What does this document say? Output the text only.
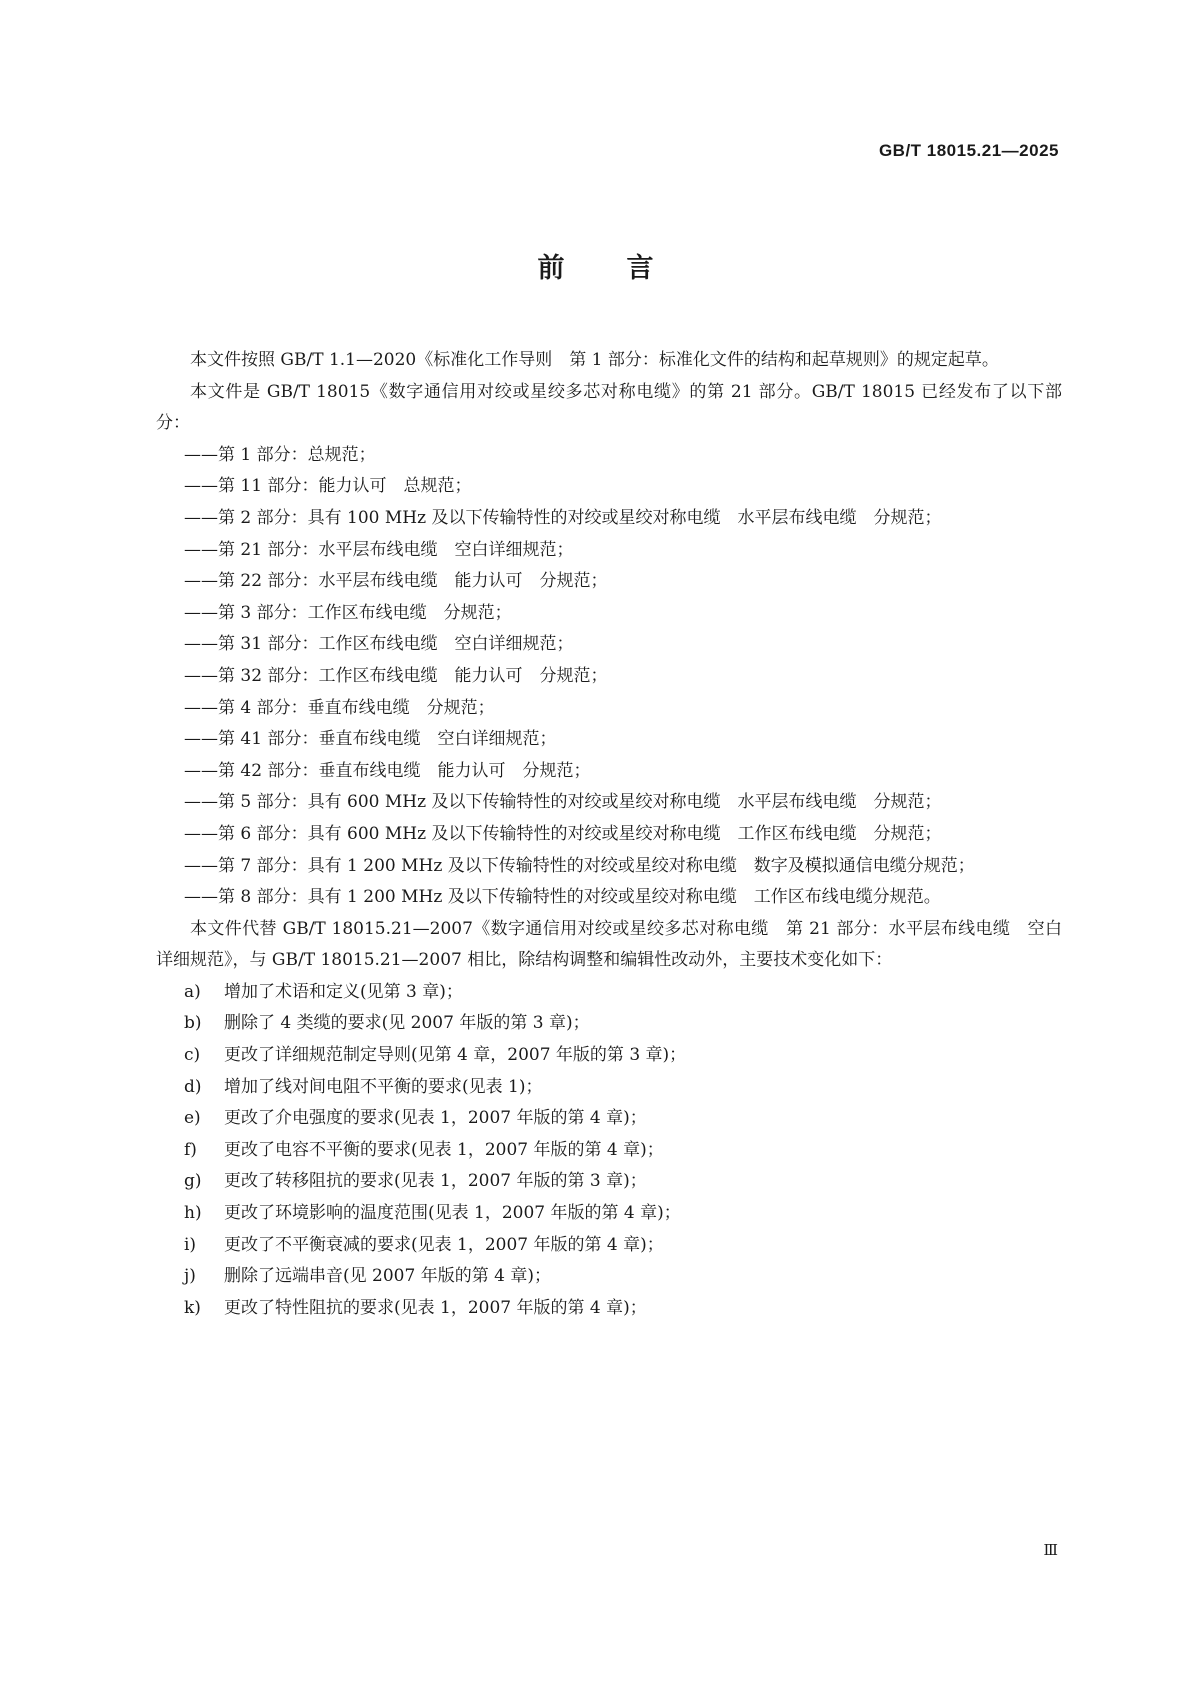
GB/T 18015.21—2025
前言

本文件按照 GB/T 1.1—2020《标准化工作导则　第 1 部分：标准化文件的结构和起草规则》的规定起草。

本文件是 GB/T 18015《数字通信用对绞或星绞多芯对称电缆》的第 21 部分。GB/T 18015 已经发布了以下部分：

——第 1 部分：总规范；

——第 11 部分：能力认可　总规范；

——第 2 部分：具有 100 MHz 及以下传输特性的对绞或星绞对称电缆　水平层布线电缆　分规范；

——第 21 部分：水平层布线电缆　空白详细规范；

——第 22 部分：水平层布线电缆　能力认可　分规范；

——第 3 部分：工作区布线电缆　分规范；

——第 31 部分：工作区布线电缆　空白详细规范；

——第 32 部分：工作区布线电缆　能力认可　分规范；

——第 4 部分：垂直布线电缆　分规范；

——第 41 部分：垂直布线电缆　空白详细规范；

——第 42 部分：垂直布线电缆　能力认可　分规范；

——第 5 部分：具有 600 MHz 及以下传输特性的对绞或星绞对称电缆　水平层布线电缆　分规范；

——第 6 部分：具有 600 MHz 及以下传输特性的对绞或星绞对称电缆　工作区布线电缆　分规范；

——第 7 部分：具有 1 200 MHz 及以下传输特性的对绞或星绞对称电缆　数字及模拟通信电缆分规范；

——第 8 部分：具有 1 200 MHz 及以下传输特性的对绞或星绞对称电缆　工作区布线电缆分规范。

本文件代替 GB/T 18015.21—2007《数字通信用对绞或星绞多芯对称电缆　第 21 部分：水平层布线电缆　空白详细规范》，与 GB/T 18015.21—2007 相比，除结构调整和编辑性改动外，主要技术变化如下：

a) 增加了术语和定义(见第 3 章)；

b) 删除了 4 类缆的要求(见 2007 年版的第 3 章)；

c) 更改了详细规范制定导则(见第 4 章，2007 年版的第 3 章)；

d) 增加了线对间电阻不平衡的要求(见表 1)；

e) 更改了介电强度的要求(见表 1，2007 年版的第 4 章)；

f) 更改了电容不平衡的要求(见表 1，2007 年版的第 4 章)；

g) 更改了转移阻抗的要求(见表 1，2007 年版的第 3 章)；

h) 更改了环境影响的温度范围(见表 1，2007 年版的第 4 章)；

i) 更改了不平衡衰减的要求(见表 1，2007 年版的第 4 章)；

j) 删除了远端串音(见 2007 年版的第 4 章)；

k) 更改了特性阻抗的要求(见表 1，2007 年版的第 4 章)；

Ⅲ
